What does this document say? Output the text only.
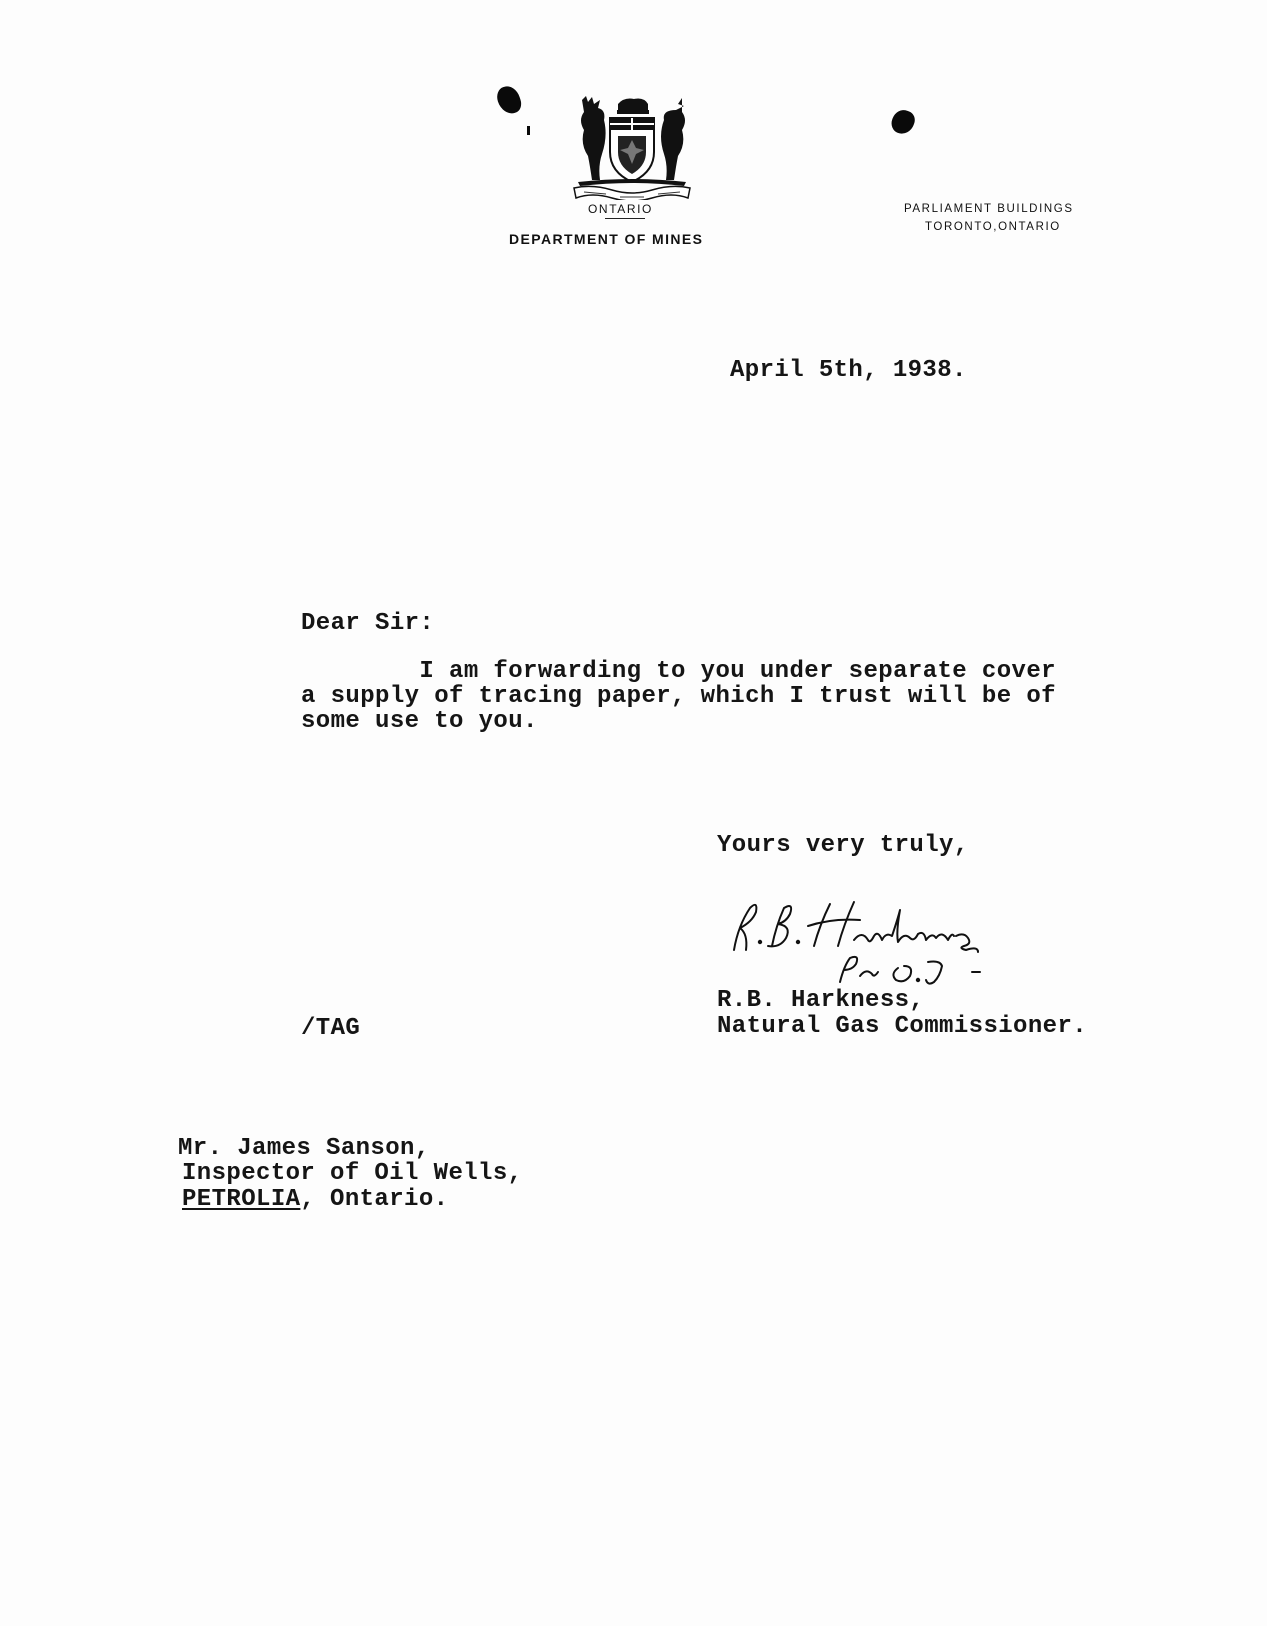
ONTARIO
DEPARTMENT OF MINES
PARLIAMENT BUILDINGS
TORONTO,ONTARIO
April 5th, 1938.
Dear Sir:
I am forwarding to you under separate cover
a supply of tracing paper, which I trust will be of
some use to you.
Yours very truly,
R.B. Harkness,
Natural Gas Commissioner.
/TAG
Mr. James Sanson,
Inspector of Oil Wells,
PETROLIA, Ontario.
